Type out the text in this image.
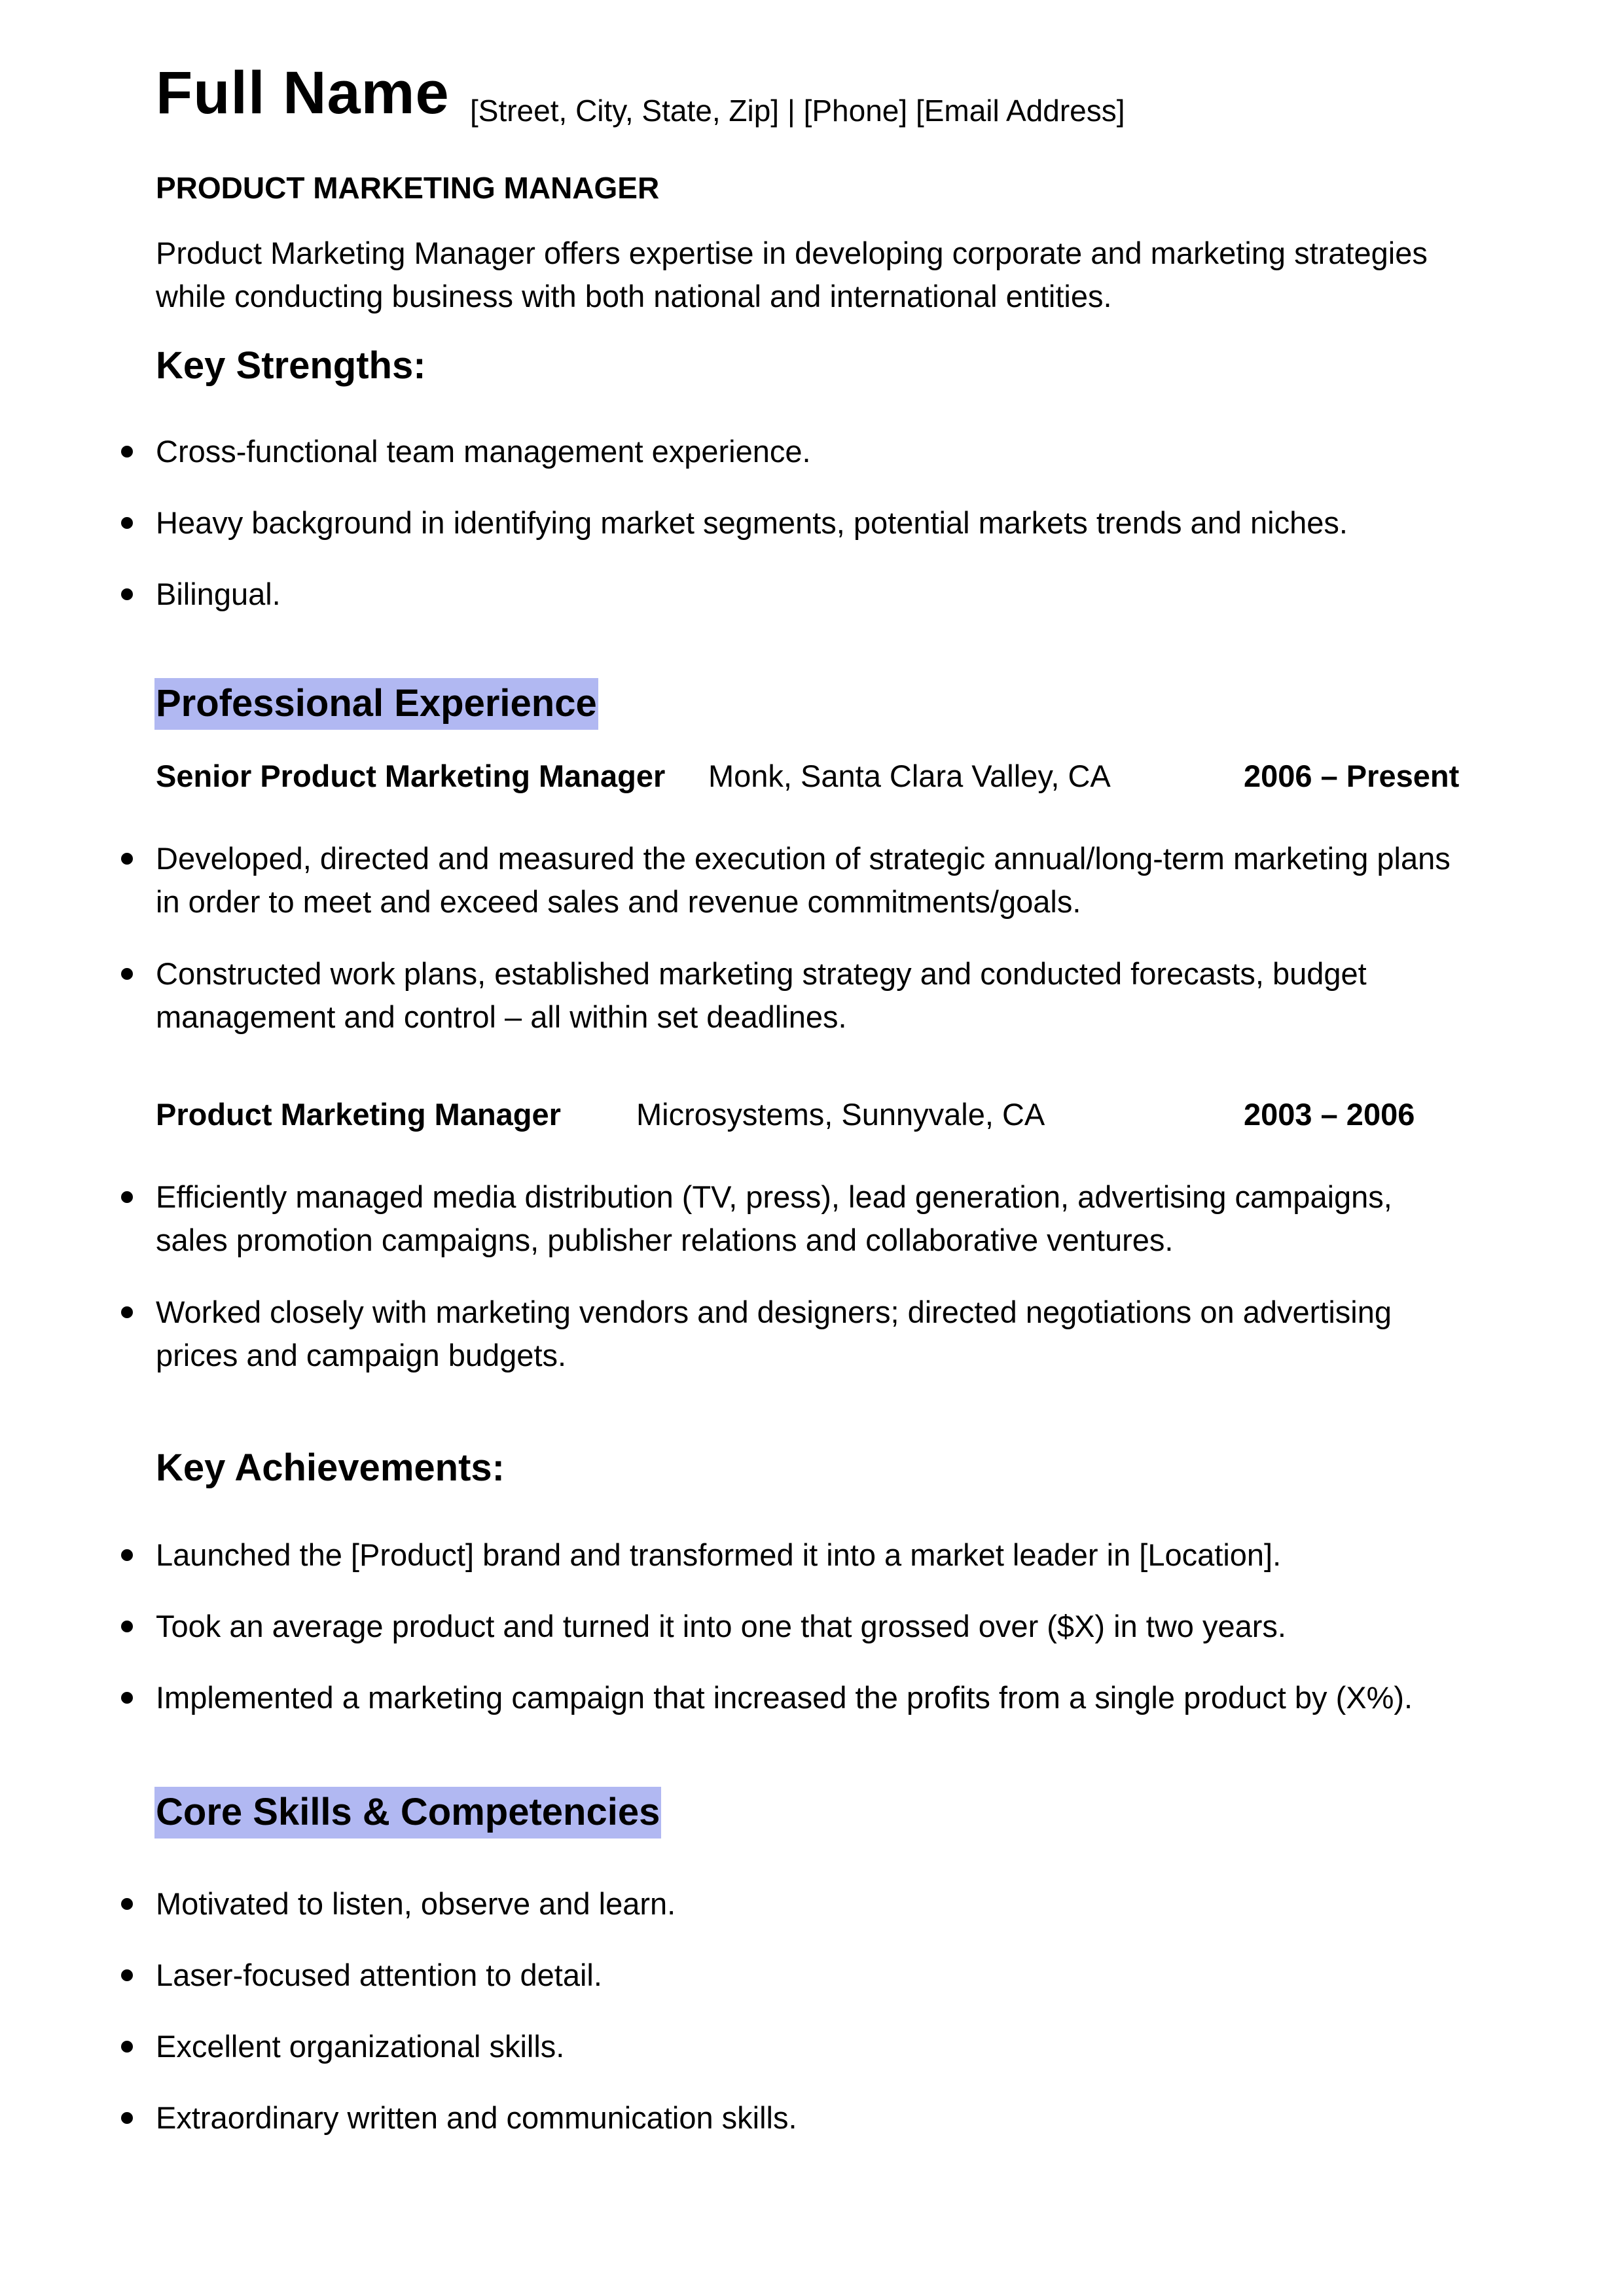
Full Name [Street, City, State, Zip] | [Phone] [Email Address]
PRODUCT MARKETING MANAGER
Product Marketing Manager offers expertise in developing corporate and marketing strategies while conducting business with both national and international entities.
Key Strengths:
Cross-functional team management experience.
Heavy background in identifying market segments, potential markets trends and niches.
Bilingual.
Professional Experience
Senior Product Marketing Manager Monk, Santa Clara Valley, CA	2006 – Present
Developed, directed and measured the execution of strategic annual/long-term marketing plans in order to meet and exceed sales and revenue commitments/goals.
Constructed work plans, established marketing strategy and conducted forecasts, budget management and control – all within set deadlines.
Product Marketing Manager Microsystems, Sunnyvale, CA	2003 – 2006
Efficiently managed media distribution (TV, press), lead generation, advertising campaigns, sales promotion campaigns, publisher relations and collaborative ventures.
Worked closely with marketing vendors and designers; directed negotiations on advertising prices and campaign budgets.
Key Achievements:
Launched the [Product] brand and transformed it into a market leader in [Location].
Took an average product and turned it into one that grossed over ($X) in two years.
Implemented a marketing campaign that increased the profits from a single product by (X%).
Core Skills & Competencies
Motivated to listen, observe and learn.
Laser-focused attention to detail.
Excellent organizational skills.
Extraordinary written and communication skills.
